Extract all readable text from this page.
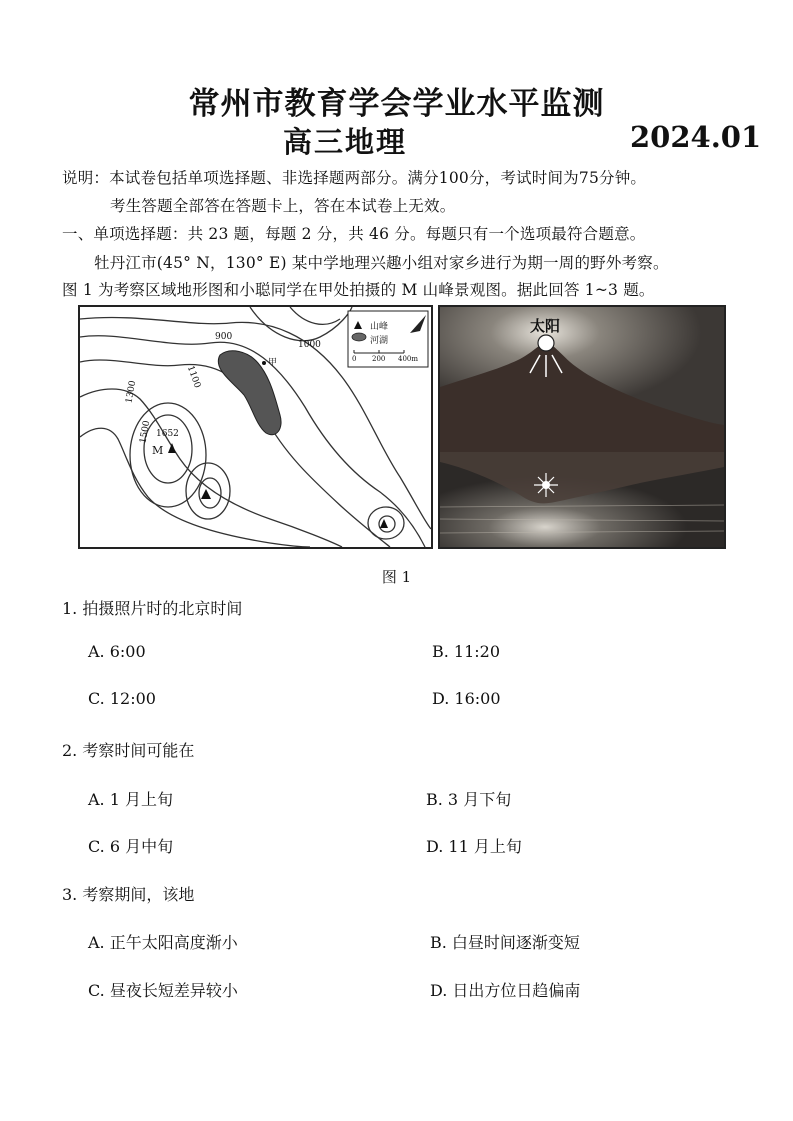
常州市教育学会学业水平监测
高三地理	2024.01
说明：本试卷包括单项选择题、非选择题两部分。满分100分，考试时间为75分钟。
考生答题全部答在答题卡上，答在本试卷上无效。
一、单项选择题：共 23 题，每题 2 分，共 46 分。每题只有一个选项最符合题意。
牡丹江市(45° N，130° E) 某中学地理兴趣小组对家乡进行为期一周的野外考察。
图 1 为考察区域地形图和小聪同学在甲处拍摄的 M 山峰景观图。据此回答 1~3 题。
900
1000
1100
1300
1500 1652
M
甲
山峰
河湖
0 200 400m
太阳
图 1
1. 拍摄照片时的北京时间
A. 6:00	B. 11:20
C. 12:00	D. 16:00
2. 考察时间可能在
A. 1 月上旬	B. 3 月下旬
C. 6 月中旬	D. 11 月上旬
3. 考察期间，该地
A. 正午太阳高度渐小	B. 白昼时间逐渐变短
C. 昼夜长短差异较小	D. 日出方位日趋偏南
